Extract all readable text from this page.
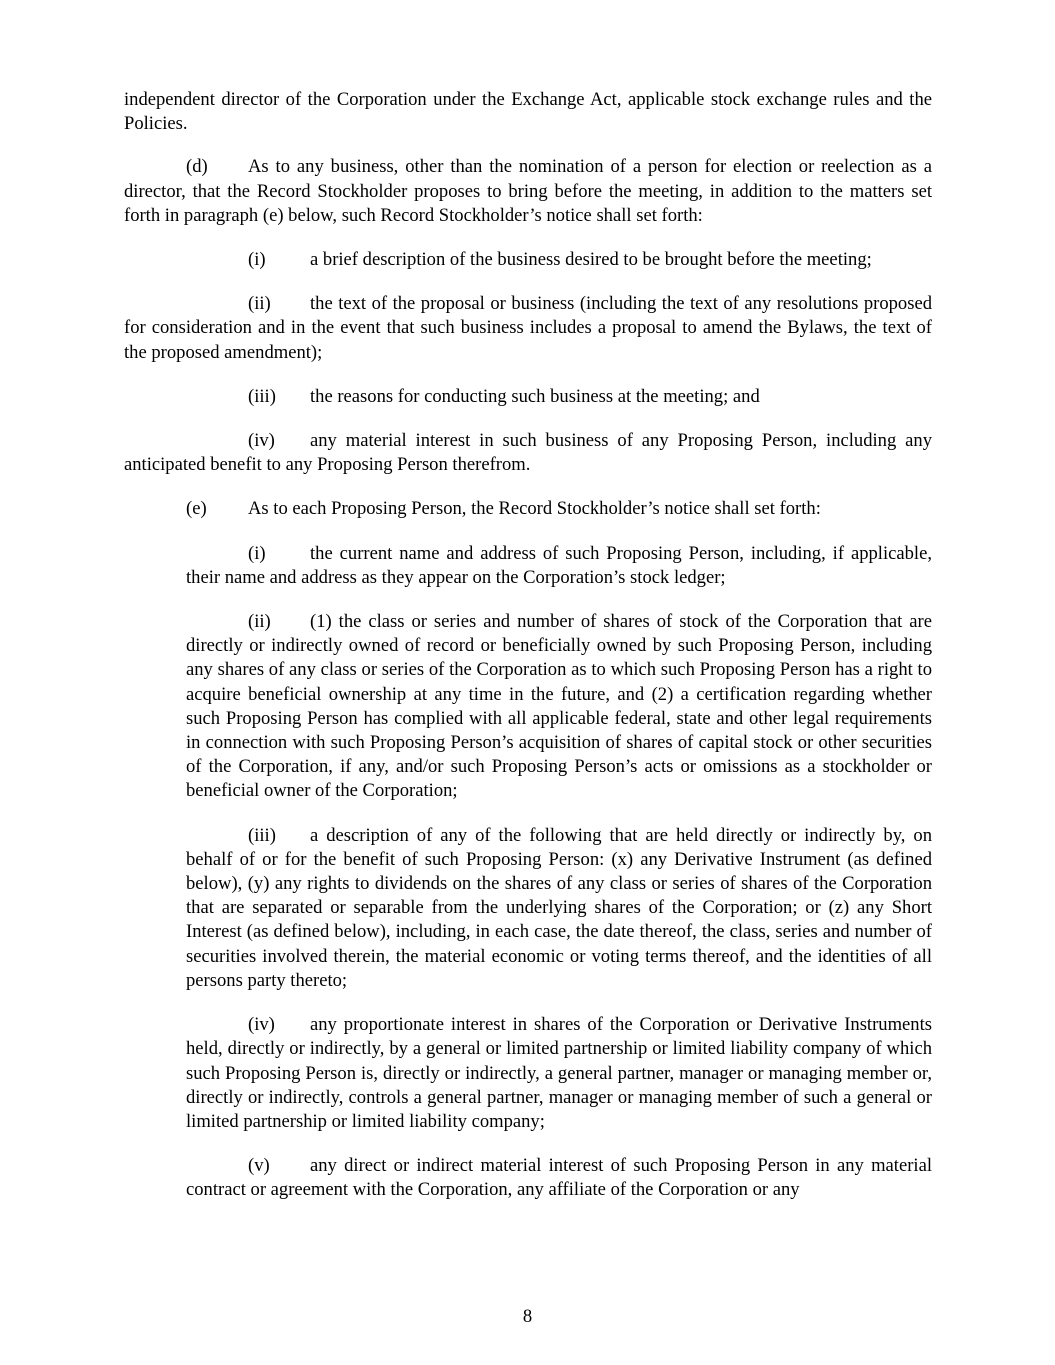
independent director of the Corporation under the Exchange Act, applicable stock exchange rules and the Policies.

(d) As to any business, other than the nomination of a person for election or reelection as a director, that the Record Stockholder proposes to bring before the meeting, in addition to the matters set forth in paragraph (e) below, such Record Stockholder’s notice shall set forth:

(i) a brief description of the business desired to be brought before the meeting;

(ii) the text of the proposal or business (including the text of any resolutions proposed for consideration and in the event that such business includes a proposal to amend the Bylaws, the text of the proposed amendment);

(iii) the reasons for conducting such business at the meeting; and

(iv) any material interest in such business of any Proposing Person, including any anticipated benefit to any Proposing Person therefrom.

(e) As to each Proposing Person, the Record Stockholder’s notice shall set forth:

(i) the current name and address of such Proposing Person, including, if applicable, their name and address as they appear on the Corporation’s stock ledger;

(ii) (1) the class or series and number of shares of stock of the Corporation that are directly or indirectly owned of record or beneficially owned by such Proposing Person, including any shares of any class or series of the Corporation as to which such Proposing Person has a right to acquire beneficial ownership at any time in the future, and (2) a certification regarding whether such Proposing Person has complied with all applicable federal, state and other legal requirements in connection with such Proposing Person’s acquisition of shares of capital stock or other securities of the Corporation, if any, and/or such Proposing Person’s acts or omissions as a stockholder or beneficial owner of the Corporation;

(iii) a description of any of the following that are held directly or indirectly by, on behalf of or for the benefit of such Proposing Person: (x) any Derivative Instrument (as defined below), (y) any rights to dividends on the shares of any class or series of shares of the Corporation that are separated or separable from the underlying shares of the Corporation; or (z) any Short Interest (as defined below), including, in each case, the date thereof, the class, series and number of securities involved therein, the material economic or voting terms thereof, and the identities of all persons party thereto;

(iv) any proportionate interest in shares of the Corporation or Derivative Instruments held, directly or indirectly, by a general or limited partnership or limited liability company of which such Proposing Person is, directly or indirectly, a general partner, manager or managing member or, directly or indirectly, controls a general partner, manager or managing member of such a general or limited partnership or limited liability company;

(v) any direct or indirect material interest of such Proposing Person in any material contract or agreement with the Corporation, any affiliate of the Corporation or any

8
